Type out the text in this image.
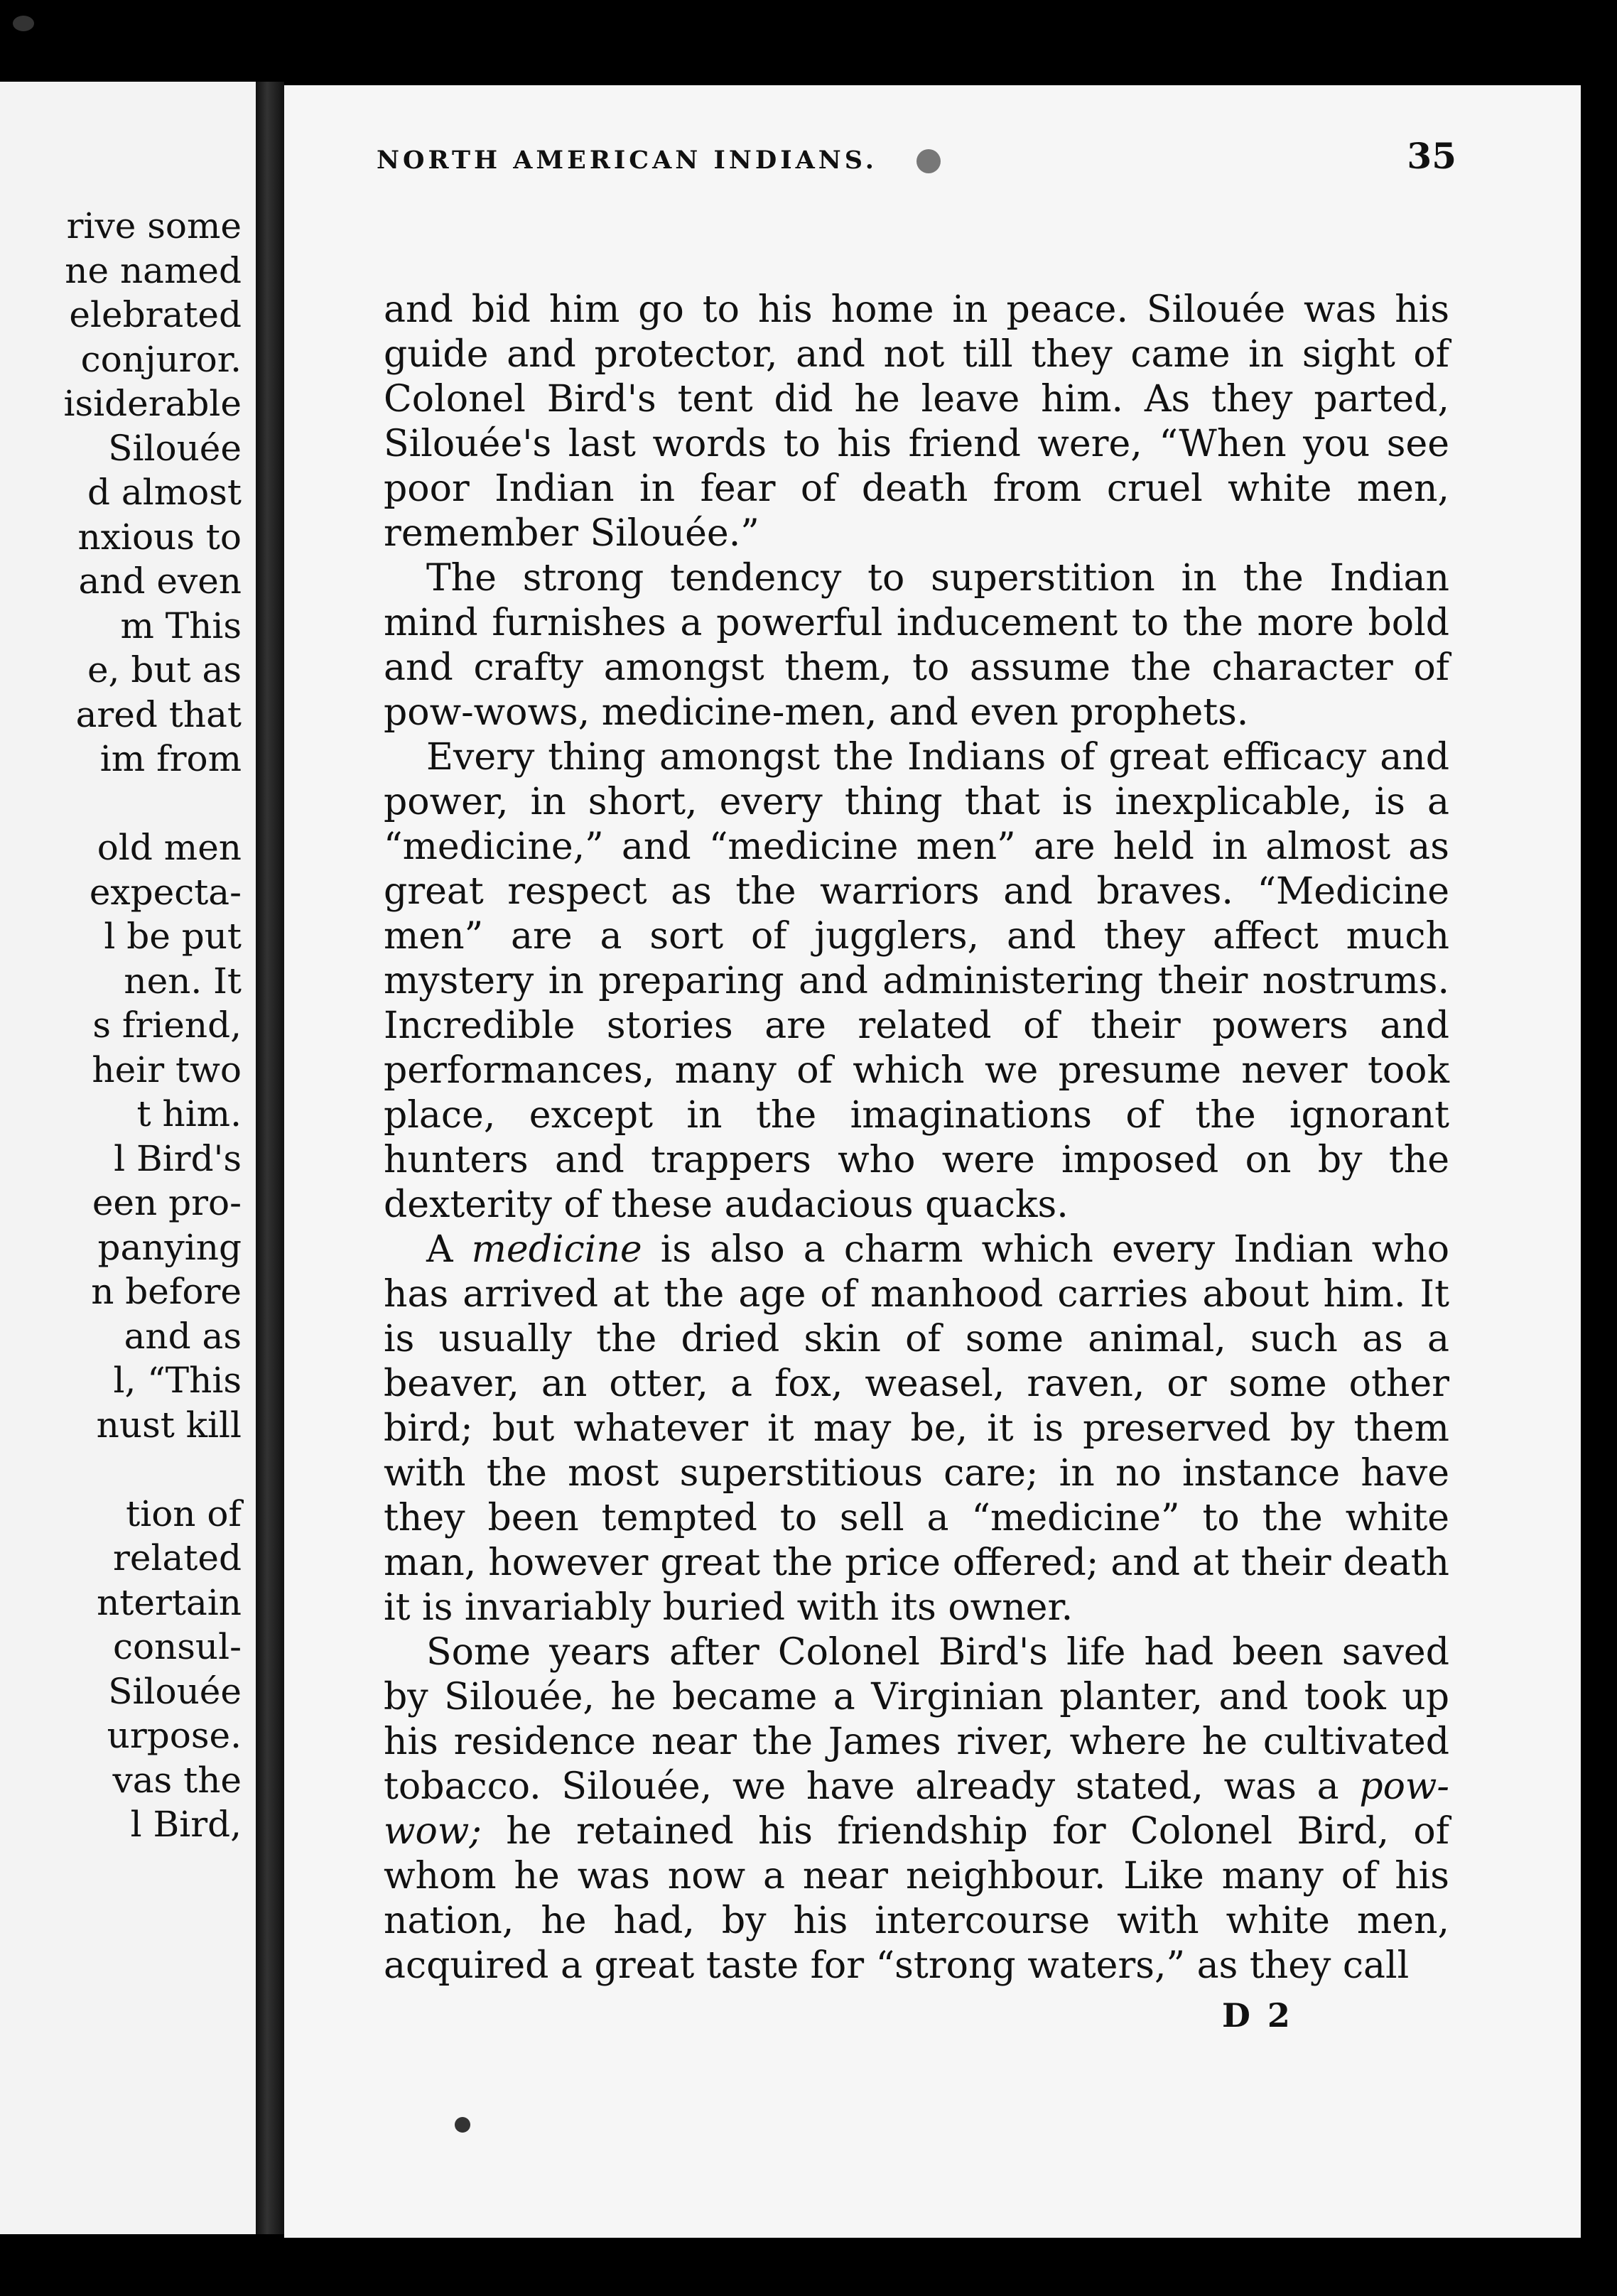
rive some
ne named
elebrated
conjuror.
isiderable
Silouée
d almost
nxious to
and even
m This
e, but as
ared that
im from
old men
expecta-
l be put
nen. It
s friend,
heir two
t him.
l Bird's
een pro-
panying
n before
and as
l, “This
nust kill
tion of
related
ntertain
consul-
Silouée
urpose.
vas the
l Bird,
NORTH AMERICAN INDIANS.	35

and bid him go to his home in peace. Silouée was his guide and protector, and not till they came in sight of Colonel Bird's tent did he leave him. As they parted, Silouée's last words to his friend were, “When you see poor Indian in fear of death from cruel white men, remember Silouée.”

The strong tendency to superstition in the Indian mind furnishes a powerful inducement to the more bold and crafty amongst them, to assume the character of pow-wows, medicine-men, and even prophets.

Every thing amongst the Indians of great efficacy and power, in short, every thing that is inexplicable, is a “medicine,” and “medicine men” are held in almost as great respect as the warriors and braves. “Medicine men” are a sort of jugglers, and they affect much mystery in preparing and administering their nostrums. Incredible stories are related of their powers and performances, many of which we presume never took place, except in the imaginations of the ignorant hunters and trappers who were imposed on by the dexterity of these audacious quacks.

A medicine is also a charm which every Indian who has arrived at the age of manhood carries about him. It is usually the dried skin of some animal, such as a beaver, an otter, a fox, weasel, raven, or some other bird; but whatever it may be, it is preserved by them with the most superstitious care; in no instance have they been tempted to sell a “medicine” to the white man, however great the price offered; and at their death it is invariably buried with its owner.

Some years after Colonel Bird's life had been saved by Silouée, he became a Virginian planter, and took up his residence near the James river, where he cultivated tobacco. Silouée, we have already stated, was a pow-wow; he retained his friendship for Colonel Bird, of whom he was now a near neighbour. Like many of his nation, he had, by his intercourse with white men, acquired a great taste for “strong waters,” as they call

D 2
